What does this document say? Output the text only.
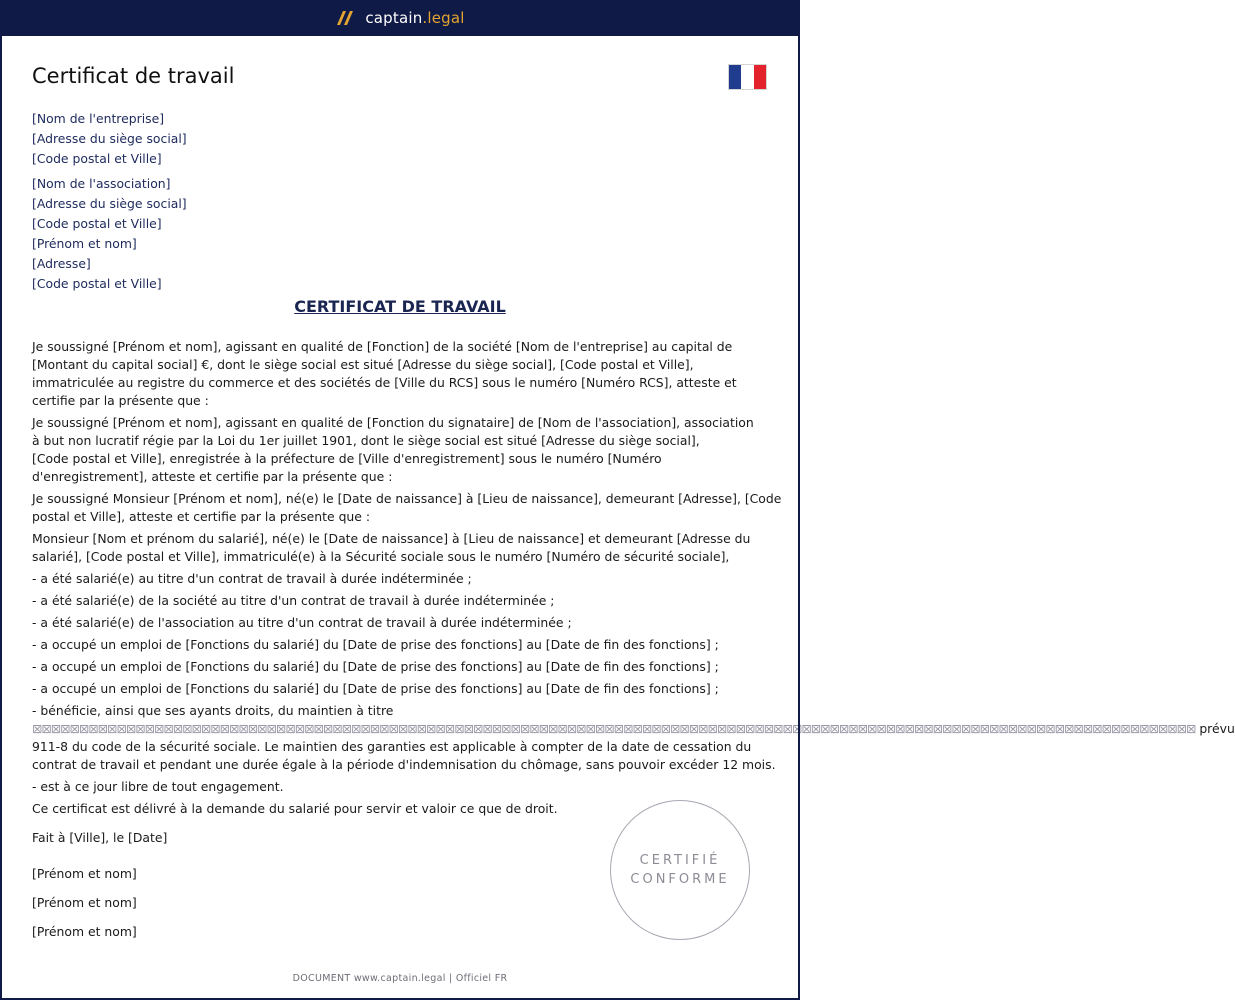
captain.legal
Certificat de travail
[Nom de l'entreprise]
[Adresse du siège social]
[Code postal et Ville]
[Nom de l'association]
[Adresse du siège social]
[Code postal et Ville]
[Prénom et nom]
[Adresse]
[Code postal et Ville]
CERTIFICAT DE TRAVAIL
Je soussigné [Prénom et nom], agissant en qualité de [Fonction] de la société [Nom de l'entreprise] au capital de
[Montant du capital social] €, dont le siège social est situé [Adresse du siège social], [Code postal et Ville],
immatriculée au registre du commerce et des sociétés de [Ville du RCS] sous le numéro [Numéro RCS], atteste et
certifie par la présente que :
Je soussigné [Prénom et nom], agissant en qualité de [Fonction du signataire] de [Nom de l'association], association
à but non lucratif régie par la Loi du 1er juillet 1901, dont le siège social est situé [Adresse du siège social],
[Code postal et Ville], enregistrée à la préfecture de [Ville d'enregistrement] sous le numéro [Numéro
d'enregistrement], atteste et certifie par la présente que :
Je soussigné Monsieur [Prénom et nom], né(e) le [Date de naissance] à [Lieu de naissance], demeurant [Adresse], [Code
postal et Ville], atteste et certifie par la présente que :
Monsieur [Nom et prénom du salarié], né(e) le [Date de naissance] à [Lieu de naissance] et demeurant [Adresse du
salarié], [Code postal et Ville], immatriculé(e) à la Sécurité sociale sous le numéro [Numéro de sécurité sociale],
- a été salarié(e) au titre d'un contrat de travail à durée indéterminée ;
- a été salarié(e) de la société au titre d'un contrat de travail à durée indéterminée ;
- a été salarié(e) de l'association au titre d'un contrat de travail à durée indéterminée ;
- a occupé un emploi de [Fonctions du salarié] du [Date de prise des fonctions] au [Date de fin des fonctions] ;
- a occupé un emploi de [Fonctions du salarié] du [Date de prise des fonctions] au [Date de fin des fonctions] ;
- a occupé un emploi de [Fonctions du salarié] du [Date de prise des fonctions] au [Date de fin des fonctions] ;
- bénéficie, ainsi que ses ayants droits, du maintien à titre
⊠⊠⊠⊠⊠⊠⊠⊠⊠⊠⊠⊠⊠⊠⊠⊠⊠⊠⊠⊠⊠⊠⊠⊠⊠⊠⊠⊠⊠⊠⊠⊠⊠⊠⊠⊠⊠⊠⊠⊠⊠⊠⊠⊠⊠⊠⊠⊠⊠⊠⊠⊠⊠⊠⊠⊠⊠⊠⊠⊠⊠⊠⊠⊠⊠⊠⊠⊠⊠⊠⊠⊠⊠⊠⊠⊠⊠⊠⊠⊠⊠⊠⊠⊠⊠⊠⊠⊠⊠⊠⊠⊠⊠⊠⊠⊠⊠⊠⊠⊠⊠⊠⊠⊠⊠⊠⊠⊠⊠⊠⊠⊠⊠⊠⊠⊠⊠⊠⊠⊠⊠⊠⊠⊠ prévu
911-8 du code de la sécurité sociale. Le maintien des garanties est applicable à compter de la date de cessation du
contrat de travail et pendant une durée égale à la période d'indemnisation du chômage, sans pouvoir excéder 12 mois.
- est à ce jour libre de tout engagement.
Ce certificat est délivré à la demande du salarié pour servir et valoir ce que de droit.
Fait à [Ville], le [Date]
[Prénom et nom]
[Prénom et nom]
[Prénom et nom]
CERTIFIÉ
CONFORME
DOCUMENT www.captain.legal | Officiel FR
